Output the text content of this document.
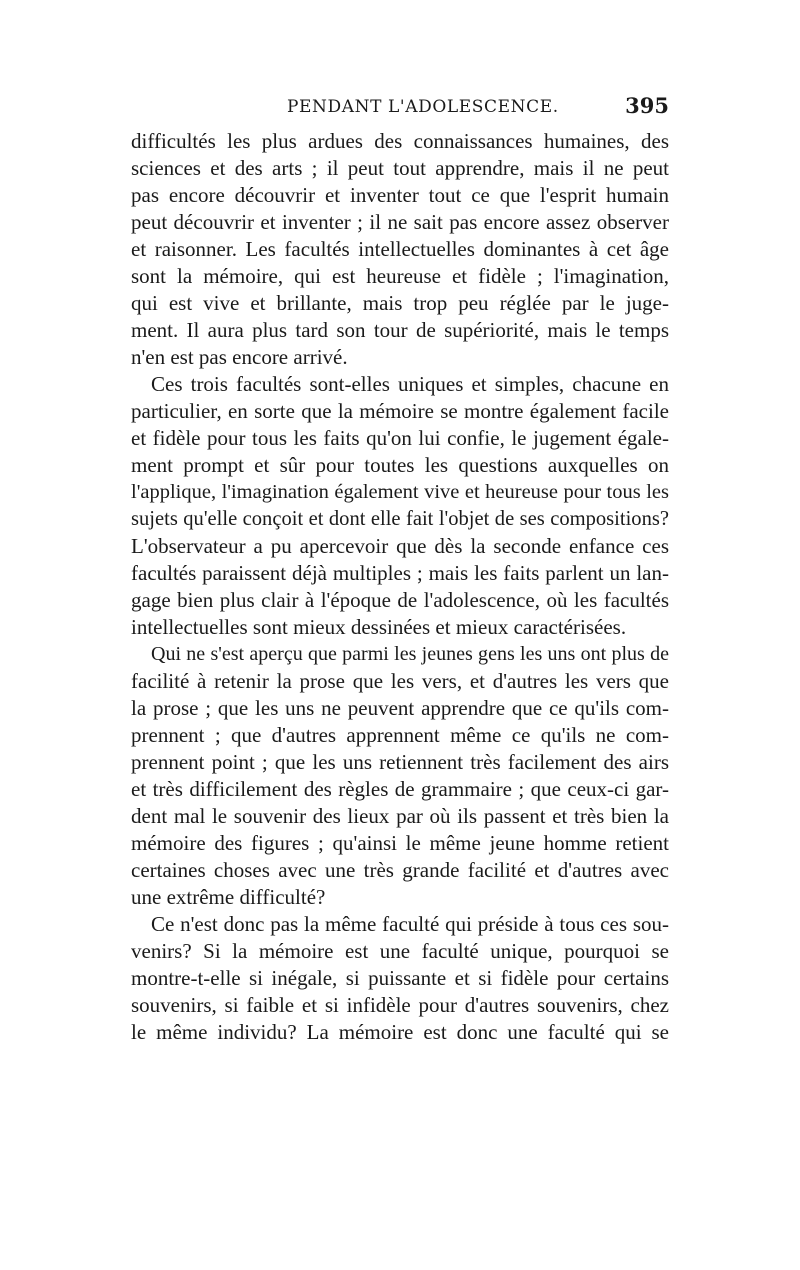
PENDANT L'ADOLESCENCE.	395
difficultés les plus ardues des connaissances humaines, des
sciences et des arts ; il peut tout apprendre, mais il ne peut
pas encore découvrir et inventer tout ce que l'esprit humain
peut découvrir et inventer ; il ne sait pas encore assez observer
et raisonner. Les facultés intellectuelles dominantes à cet âge
sont la mémoire, qui est heureuse et fidèle ; l'imagination,
qui est vive et brillante, mais trop peu réglée par le juge-
ment. Il aura plus tard son tour de supériorité, mais le temps
n'en est pas encore arrivé.
Ces trois facultés sont-elles uniques et simples, chacune en
particulier, en sorte que la mémoire se montre également facile
et fidèle pour tous les faits qu'on lui confie, le jugement égale-
ment prompt et sûr pour toutes les questions auxquelles on
l'applique, l'imagination également vive et heureuse pour tous les
sujets qu'elle conçoit et dont elle fait l'objet de ses compositions?
L'observateur a pu apercevoir que dès la seconde enfance ces
facultés paraissent déjà multiples ; mais les faits parlent un lan-
gage bien plus clair à l'époque de l'adolescence, où les facultés
intellectuelles sont mieux dessinées et mieux caractérisées.
Qui ne s'est aperçu que parmi les jeunes gens les uns ont plus de
facilité à retenir la prose que les vers, et d'autres les vers que
la prose ; que les uns ne peuvent apprendre que ce qu'ils com-
prennent ; que d'autres apprennent même ce qu'ils ne com-
prennent point ; que les uns retiennent très facilement des airs
et très difficilement des règles de grammaire ; que ceux-ci gar-
dent mal le souvenir des lieux par où ils passent et très bien la
mémoire des figures ; qu'ainsi le même jeune homme retient
certaines choses avec une très grande facilité et d'autres avec
une extrême difficulté?
Ce n'est donc pas la même faculté qui préside à tous ces sou-
venirs? Si la mémoire est une faculté unique, pourquoi se
montre-t-elle si inégale, si puissante et si fidèle pour certains
souvenirs, si faible et si infidèle pour d'autres souvenirs, chez
le même individu? La mémoire est donc une faculté qui se
